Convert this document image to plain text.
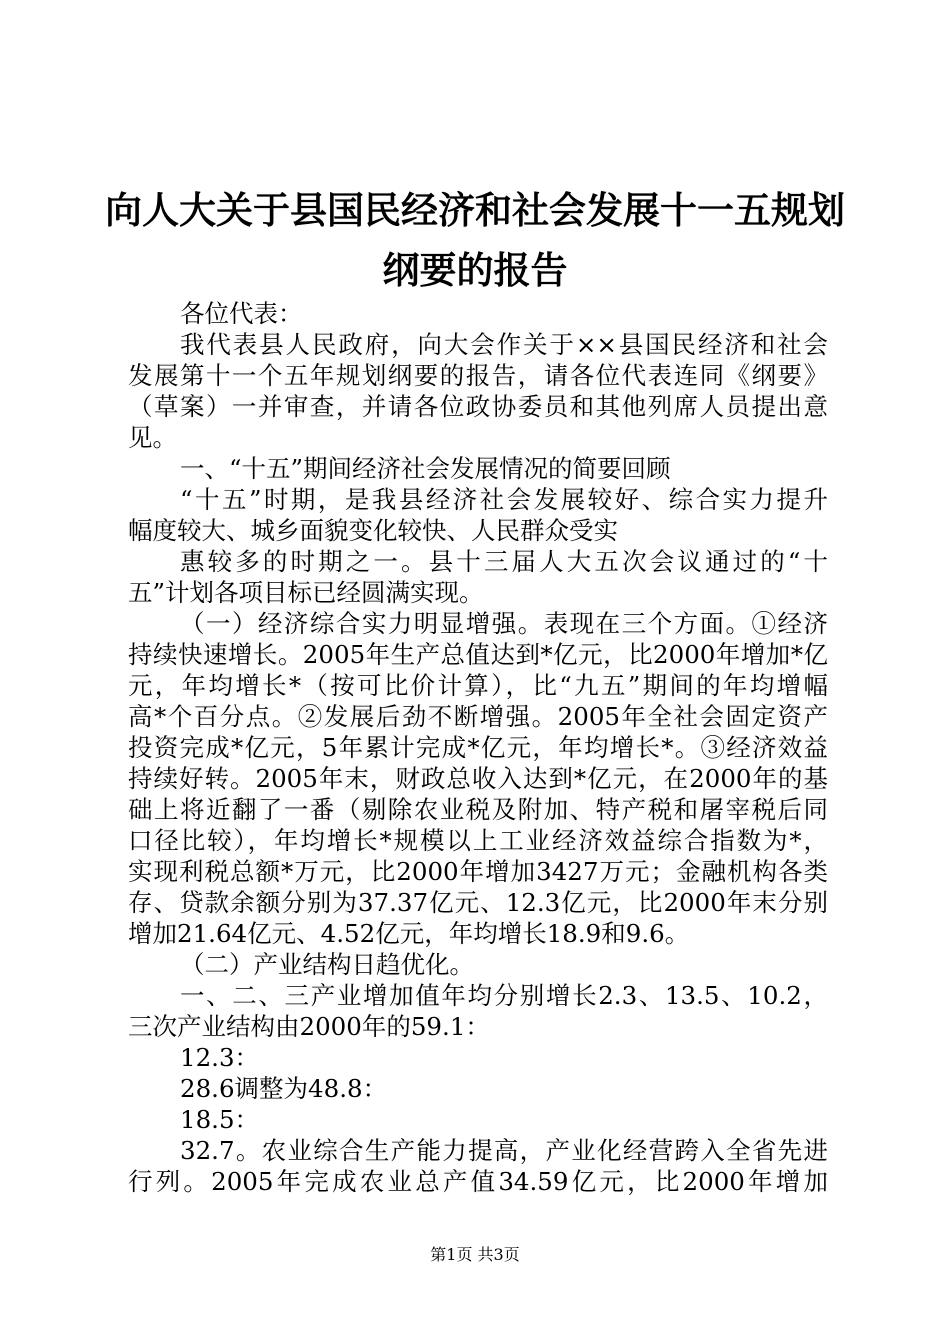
向人大关于县国民经济和社会发展十一五规划
纲要的报告
各位代表：
我代表县人民政府，向大会作关于××县国民经济和社会
发展第十一个五年规划纲要的报告，请各位代表连同《纲要》
（草案）一并审查，并请各位政协委员和其他列席人员提出意
见。
一、“十五”期间经济社会发展情况的简要回顾
“十五”时期，是我县经济社会发展较好、综合实力提升
幅度较大、城乡面貌变化较快、人民群众受实
惠较多的时期之一。县十三届人大五次会议通过的“十
五”计划各项目标已经圆满实现。
（一）经济综合实力明显增强。表现在三个方面。①经济
持续快速增长。2005年生产总值达到*亿元，比2000年增加*亿
元，年均增长*（按可比价计算），比“九五”期间的年均增幅
高*个百分点。②发展后劲不断增强。2005年全社会固定资产
投资完成*亿元，5年累计完成*亿元，年均增长*。③经济效益
持续好转。2005年末，财政总收入达到*亿元，在2000年的基
础上将近翻了一番（剔除农业税及附加、特产税和屠宰税后同
口径比较），年均增长*规模以上工业经济效益综合指数为*，
实现利税总额*万元，比2000年增加3427万元；金融机构各类
存、贷款余额分别为37.37亿元、12.3亿元，比2000年末分别
增加21.64亿元、4.52亿元，年均增长18.9和9.6。
（二）产业结构日趋优化。
一、二、三产业增加值年均分别增长2.3、13.5、10.2，
三次产业结构由2000年的59.1：
12.3：
28.6调整为48.8：
18.5：
32.7。农业综合生产能力提高，产业化经营跨入全省先进
行列。2005年完成农业总产值34.59亿元，比2000年增加
第1页 共3页
